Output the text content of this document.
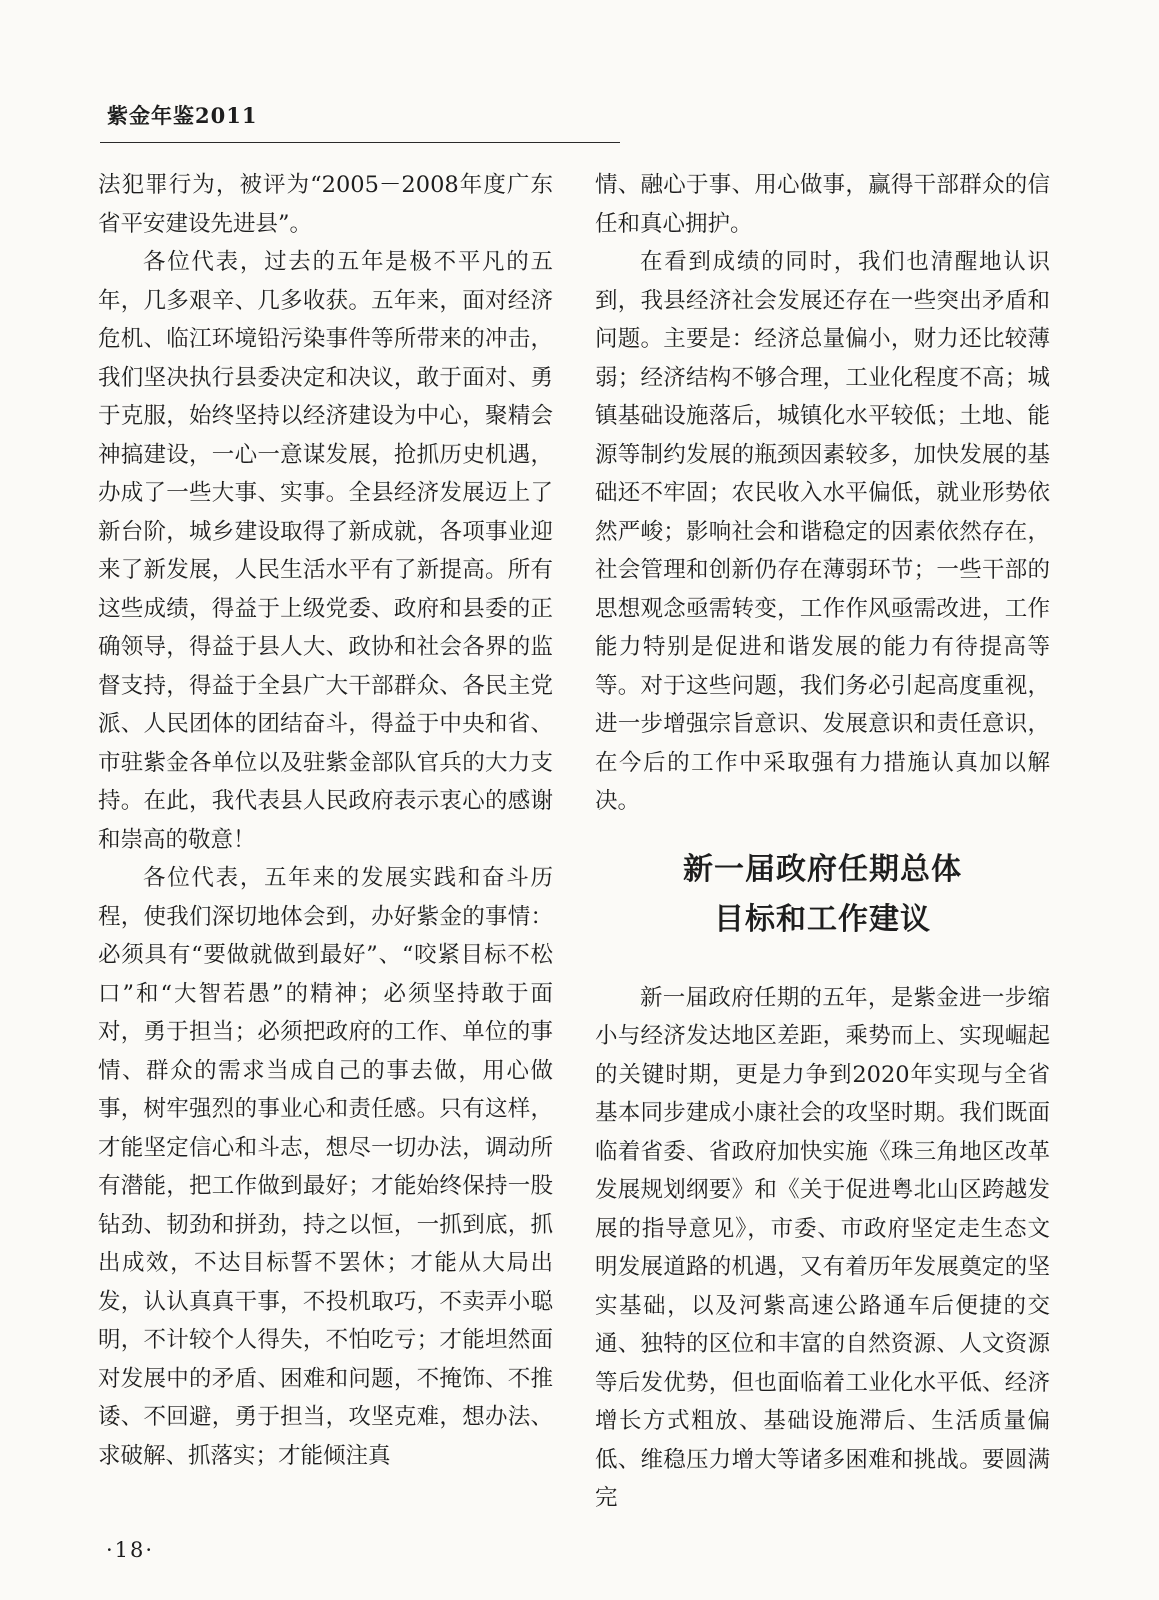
紫金年鉴2011

法犯罪行为，被评为“2005－2008年度广东省平安建设先进县”。

各位代表，过去的五年是极不平凡的五年，几多艰辛、几多收获。五年来，面对经济危机、临江环境铅污染事件等所带来的冲击，我们坚决执行县委决定和决议，敢于面对、勇于克服，始终坚持以经济建设为中心，聚精会神搞建设，一心一意谋发展，抢抓历史机遇，办成了一些大事、实事。全县经济发展迈上了新台阶，城乡建设取得了新成就，各项事业迎来了新发展，人民生活水平有了新提高。所有这些成绩，得益于上级党委、政府和县委的正确领导，得益于县人大、政协和社会各界的监督支持，得益于全县广大干部群众、各民主党派、人民团体的团结奋斗，得益于中央和省、市驻紫金各单位以及驻紫金部队官兵的大力支持。在此，我代表县人民政府表示衷心的感谢和崇高的敬意！

各位代表，五年来的发展实践和奋斗历程，使我们深切地体会到，办好紫金的事情：必须具有“要做就做到最好”、“咬紧目标不松口”和“大智若愚”的精神；必须坚持敢于面对，勇于担当；必须把政府的工作、单位的事情、群众的需求当成自己的事去做，用心做事，树牢强烈的事业心和责任感。只有这样，才能坚定信心和斗志，想尽一切办法，调动所有潜能，把工作做到最好；才能始终保持一股钻劲、韧劲和拼劲，持之以恒，一抓到底，抓出成效，不达目标誓不罢休；才能从大局出发，认认真真干事，不投机取巧，不卖弄小聪明，不计较个人得失，不怕吃亏；才能坦然面对发展中的矛盾、困难和问题，不掩饰、不推诿、不回避，勇于担当，攻坚克难，想办法、求破解、抓落实；才能倾注真

情、融心于事、用心做事，赢得干部群众的信任和真心拥护。

在看到成绩的同时，我们也清醒地认识到，我县经济社会发展还存在一些突出矛盾和问题。主要是：经济总量偏小，财力还比较薄弱；经济结构不够合理，工业化程度不高；城镇基础设施落后，城镇化水平较低；土地、能源等制约发展的瓶颈因素较多，加快发展的基础还不牢固；农民收入水平偏低，就业形势依然严峻；影响社会和谐稳定的因素依然存在，社会管理和创新仍存在薄弱环节；一些干部的思想观念亟需转变，工作作风亟需改进，工作能力特别是促进和谐发展的能力有待提高等等。对于这些问题，我们务必引起高度重视，进一步增强宗旨意识、发展意识和责任意识，在今后的工作中采取强有力措施认真加以解决。

新一届政府任期总体
目标和工作建议

新一届政府任期的五年，是紫金进一步缩小与经济发达地区差距，乘势而上、实现崛起的关键时期，更是力争到2020年实现与全省基本同步建成小康社会的攻坚时期。我们既面临着省委、省政府加快实施《珠三角地区改革发展规划纲要》和《关于促进粤北山区跨越发展的指导意见》，市委、市政府坚定走生态文明发展道路的机遇，又有着历年发展奠定的坚实基础，以及河紫高速公路通车后便捷的交通、独特的区位和丰富的自然资源、人文资源等后发优势，但也面临着工业化水平低、经济增长方式粗放、基础设施滞后、生活质量偏低、维稳压力增大等诸多困难和挑战。要圆满完

·18·
